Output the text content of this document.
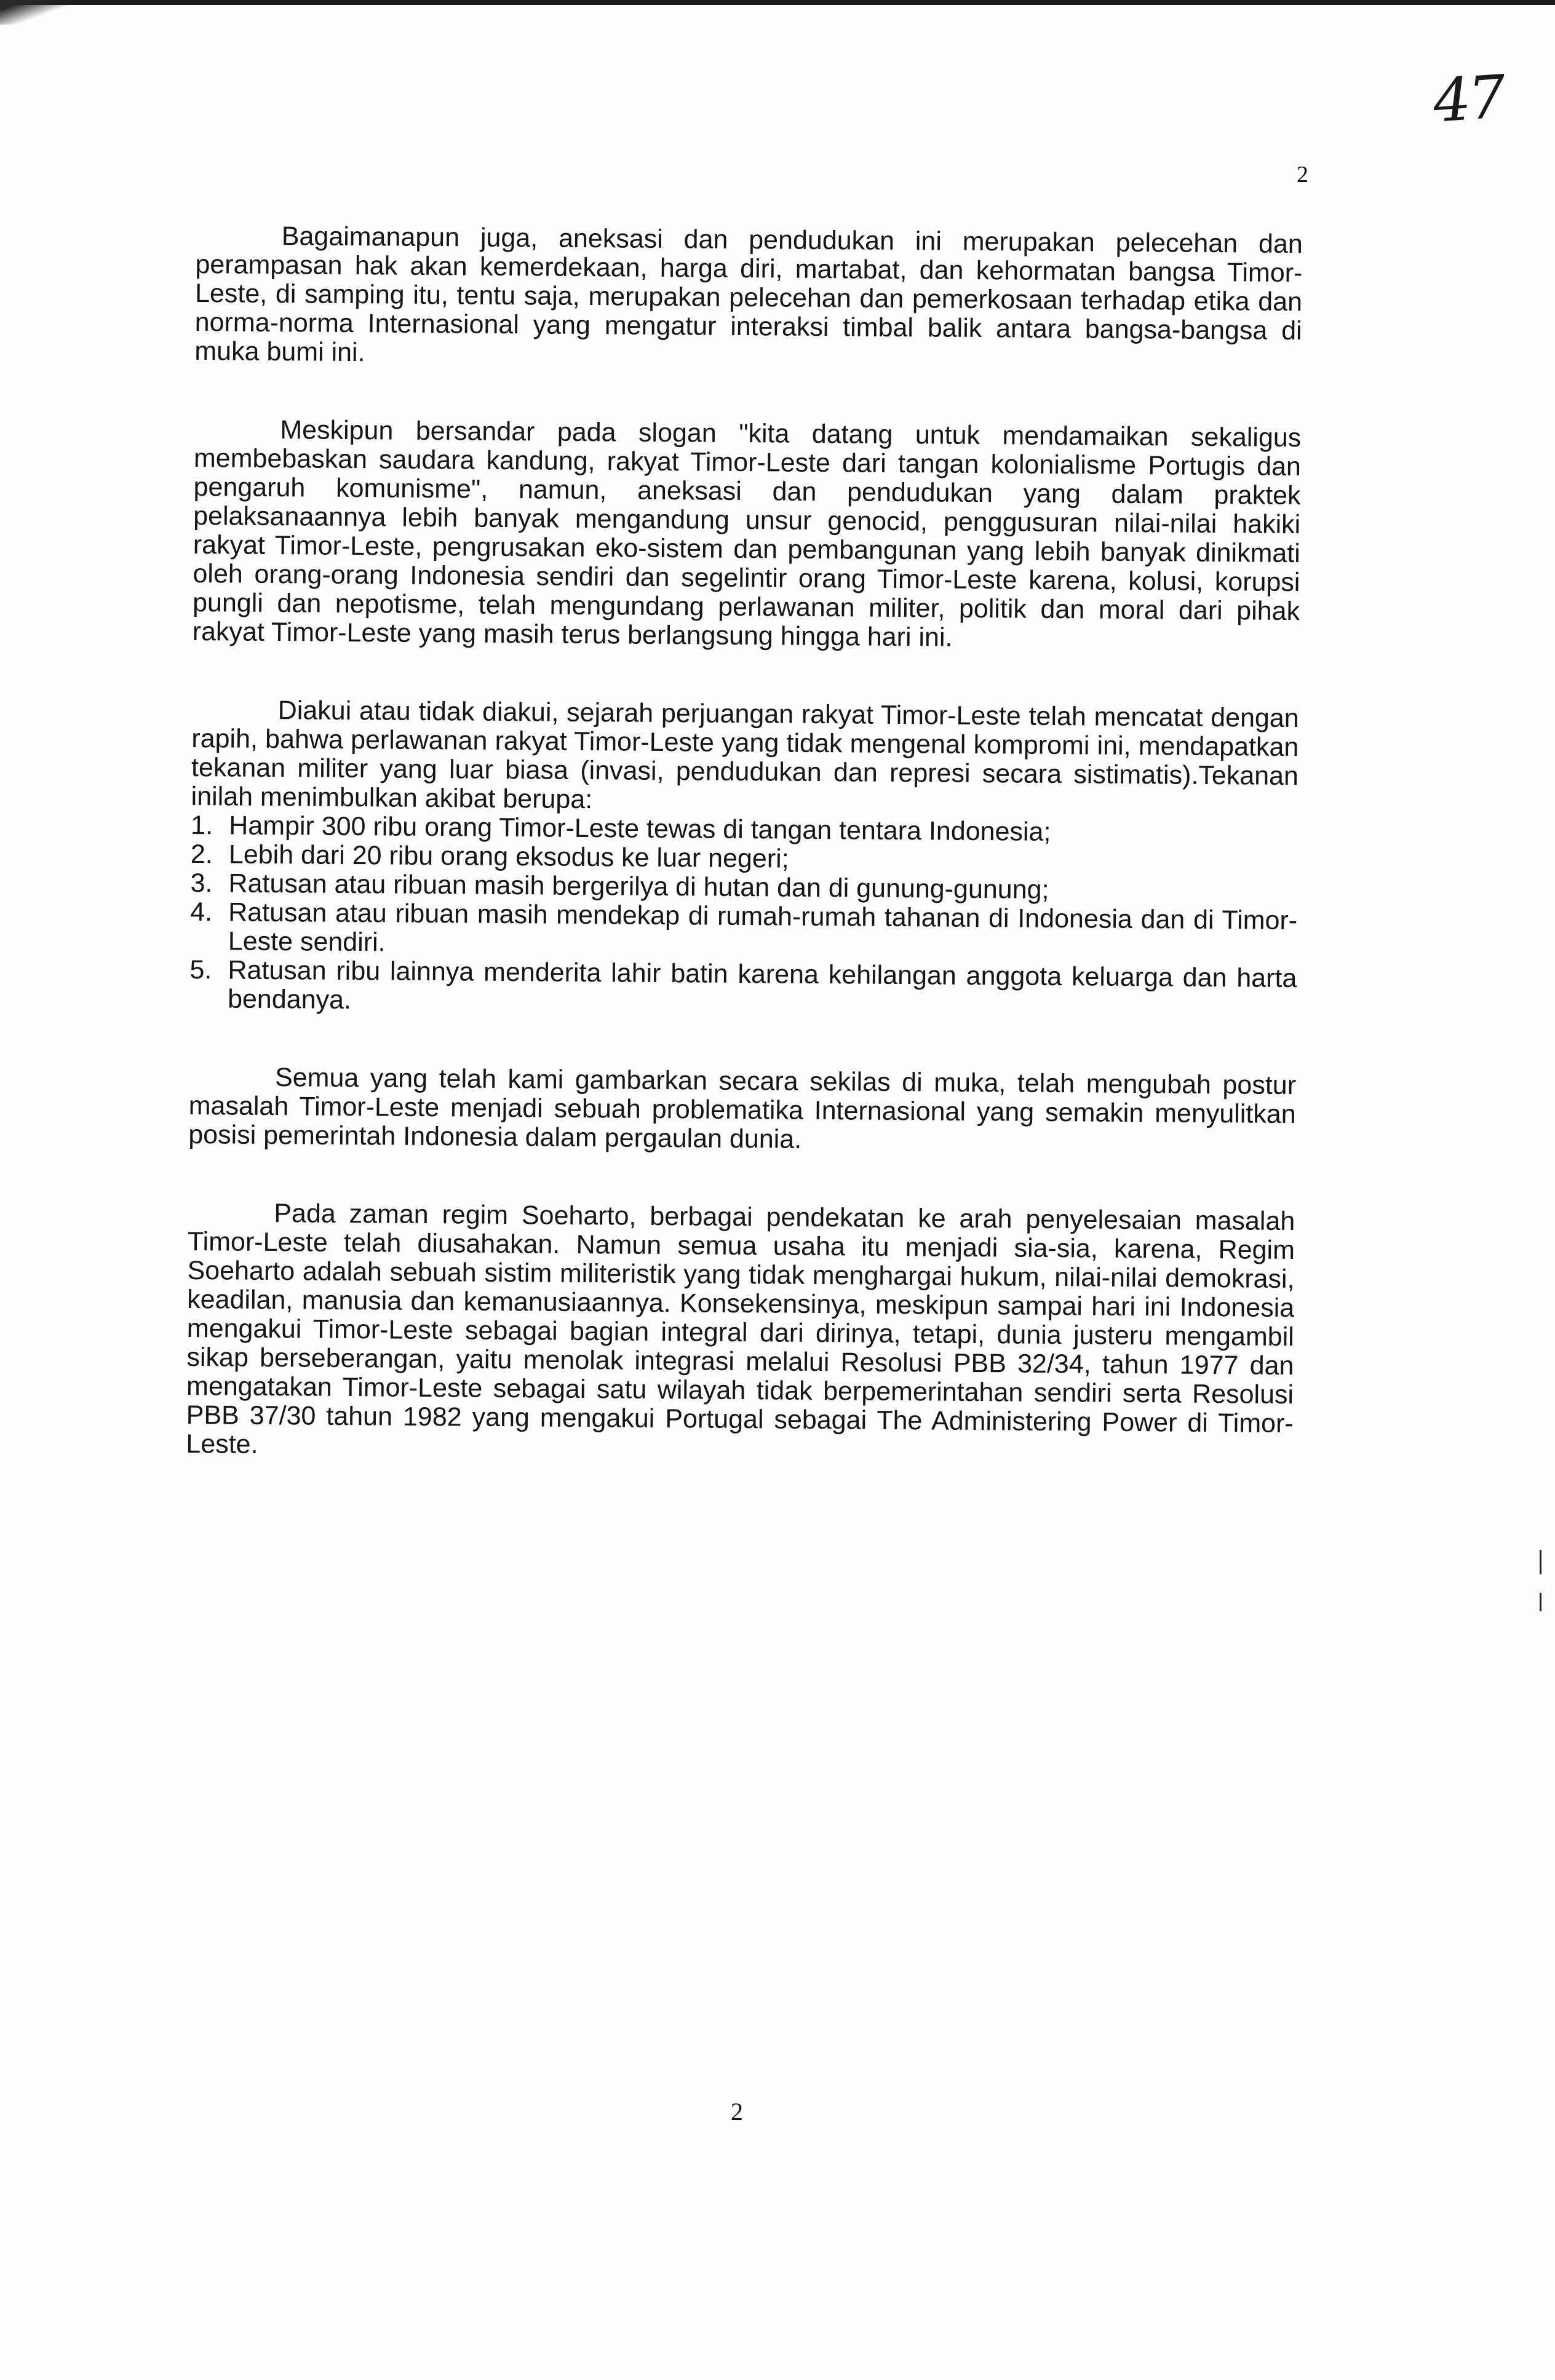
47
2

Bagaimanapun juga, aneksasi dan pendudukan ini merupakan pelecehan dan perampasan hak akan kemerdekaan, harga diri, martabat, dan kehormatan bangsa Timor-Leste, di samping itu, tentu saja, merupakan pelecehan dan pemerkosaan terhadap etika dan norma-norma Internasional yang mengatur interaksi timbal balik antara bangsa-bangsa di muka bumi ini.

Meskipun bersandar pada slogan "kita datang untuk mendamaikan sekaligus membebaskan saudara kandung, rakyat Timor-Leste dari tangan kolonialisme Portugis dan pengaruh komunisme", namun, aneksasi dan pendudukan yang dalam praktek pelaksanaannya lebih banyak mengandung unsur genocid, penggusuran nilai-nilai hakiki rakyat Timor-Leste, pengrusakan eko-sistem dan pembangunan yang lebih banyak dinikmati oleh orang-orang Indonesia sendiri dan segelintir orang Timor-Leste karena, kolusi, korupsi pungli dan nepotisme, telah mengundang perlawanan militer, politik dan moral dari pihak rakyat Timor-Leste yang masih terus berlangsung hingga hari ini.

Diakui atau tidak diakui, sejarah perjuangan rakyat Timor-Leste telah mencatat dengan rapih, bahwa perlawanan rakyat Timor-Leste yang tidak mengenal kompromi ini, mendapatkan tekanan militer yang luar biasa (invasi, pendudukan dan represi secara sistimatis).Tekanan inilah menimbulkan akibat berupa:

1. Hampir 300 ribu orang Timor-Leste tewas di tangan tentara Indonesia;
2. Lebih dari 20 ribu orang eksodus ke luar negeri;
3. Ratusan atau ribuan masih bergerilya di hutan dan di gunung-gunung;
4. Ratusan atau ribuan masih mendekap di rumah-rumah tahanan di Indonesia dan di Timor-Leste sendiri.
5. Ratusan ribu lainnya menderita lahir batin karena kehilangan anggota keluarga dan harta bendanya.

Semua yang telah kami gambarkan secara sekilas di muka, telah mengubah postur masalah Timor-Leste menjadi sebuah problematika Internasional yang semakin menyulitkan posisi pemerintah Indonesia dalam pergaulan dunia.

Pada zaman regim Soeharto, berbagai pendekatan ke arah penyelesaian masalah Timor-Leste telah diusahakan. Namun semua usaha itu menjadi sia-sia, karena, Regim Soeharto adalah sebuah sistim militeristik yang tidak menghargai hukum, nilai-nilai demokrasi, keadilan, manusia dan kemanusiaannya. Konsekensinya, meskipun sampai hari ini Indonesia mengakui Timor-Leste sebagai bagian integral dari dirinya, tetapi, dunia justeru mengambil sikap berseberangan, yaitu menolak integrasi melalui Resolusi PBB 32/34, tahun 1977 dan mengatakan Timor-Leste sebagai satu wilayah tidak berpemerintahan sendiri serta Resolusi PBB 37/30 tahun 1982 yang mengakui Portugal sebagai The Administering Power di Timor-Leste.

2
